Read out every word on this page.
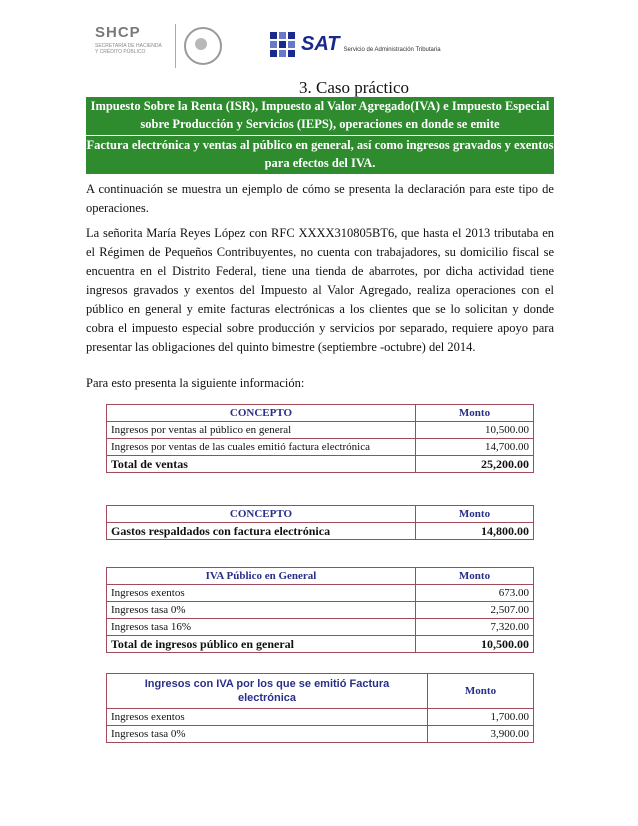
SHCP
SECRETARÍA DE HACIENDA Y CRÉDITO PÚBLICO	SAT Servicio de Administración Tributaria
3. Caso práctico
Impuesto Sobre la Renta (ISR), Impuesto al Valor Agregado(IVA) e Impuesto Especial sobre Producción y Servicios (IEPS), operaciones en donde se emite
Factura electrónica y ventas al público en general, así como ingresos gravados y exentos para efectos del IVA.
A continuación se muestra un ejemplo de cómo se presenta la declaración para este tipo de operaciones.
La señorita María Reyes López con RFC XXXX310805BT6, que hasta el 2013 tributaba en el Régimen de Pequeños Contribuyentes, no cuenta con trabajadores, su domicilio fiscal se encuentra en el Distrito Federal, tiene una tienda de abarrotes, por dicha actividad tiene ingresos gravados y exentos del Impuesto al Valor Agregado, realiza operaciones con el público en general y emite facturas electrónicas a los clientes que se lo solicitan y donde cobra el impuesto especial sobre producción y servicios por separado, requiere apoyo para presentar las obligaciones del quinto bimestre (septiembre -octubre) del 2014.
Para esto presenta la siguiente información:
CONCEPTO	Monto
Ingresos por ventas al público en general	10,500.00
Ingresos por ventas de las cuales emitió factura electrónica	14,700.00
Total de ventas	25,200.00
CONCEPTO	Monto
Gastos respaldados con factura electrónica	14,800.00
IVA Público en General	Monto
Ingresos exentos	673.00
Ingresos tasa 0%	2,507.00
Ingresos tasa 16%	7,320.00
Total de ingresos público en general	10,500.00
Ingresos con IVA por los que se emitió Factura electrónica	Monto
Ingresos exentos	1,700.00
Ingresos tasa 0%	3,900.00
